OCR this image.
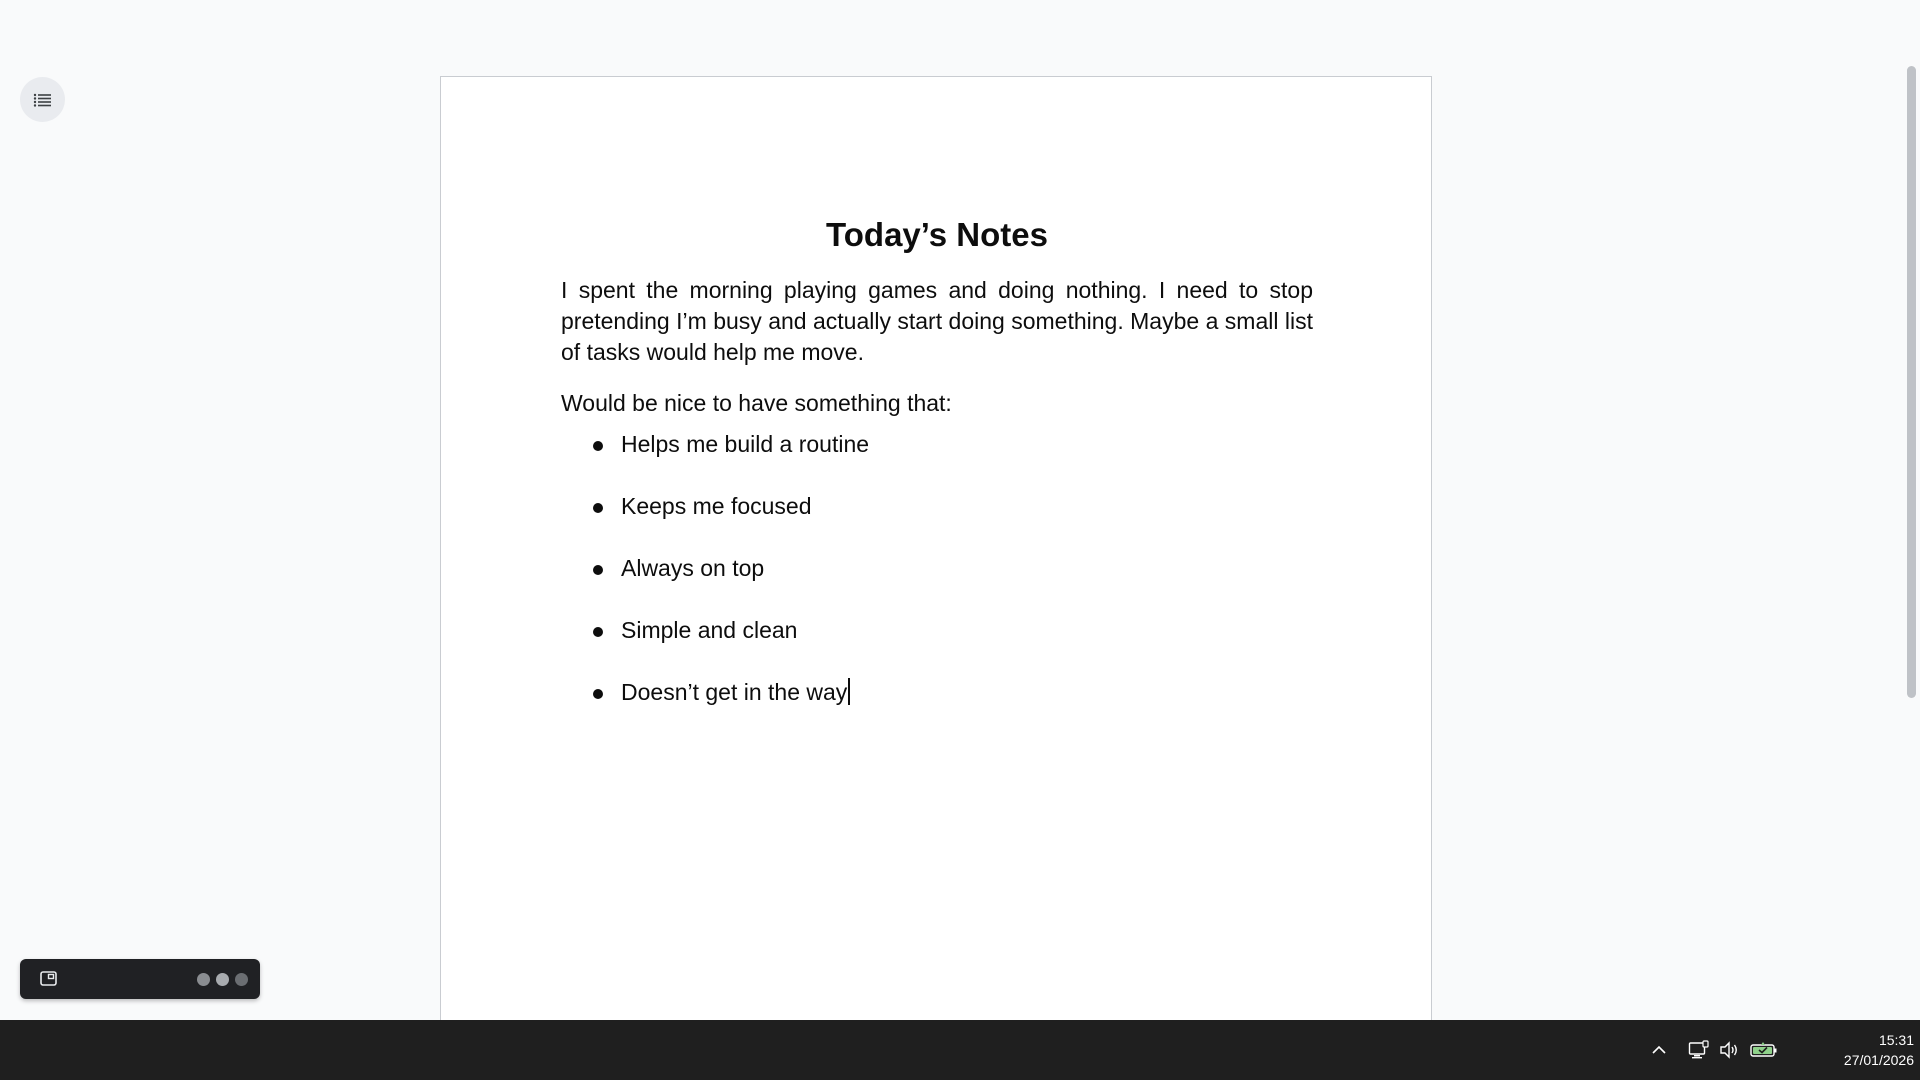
Today’s Notes

I spent the morning playing games and doing nothing. I need to stop pretending I’m busy and actually start doing something. Maybe a small list of tasks would help me move.

Would be nice to have something that:

Helps me build a routine
Keeps me focused
Always on top
Simple and clean
Doesn’t get in the way
15:31
27/01/2026
